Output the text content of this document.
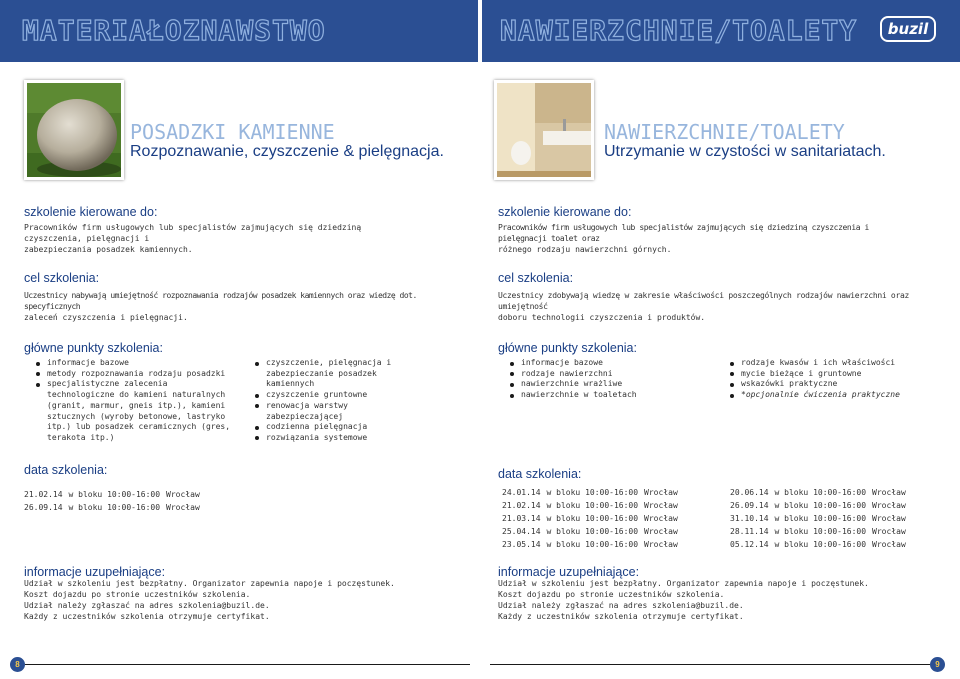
MATERIAŁOZNAWSTWO	NAWIERZCHNIE/TOALETY	buzil
POSADZKI KAMIENNE
Rozpoznawanie, czyszczenie & pielęgnacja.
szkolenie kierowane do:

Pracowników firm usługowych lub specjalistów zajmujących się dziedziną czyszczenia, pielęgnacji i

zabezpieczania posadzek kamiennych.

cel szkolenia:

Uczestnicy nabywają umiejętność rozpoznawania rodzajów posadzek kamiennych oraz wiedzę dot. specyficznych

zaleceń czyszczenia i pielęgnacji.

główne punkty szkolenia:
informacje bazowe
metody rozpoznawania rodzaju posadzki
specjalistyczne zalecenia technologiczne do kamieni naturalnych (granit, marmur, gneis itp.), kamieni sztucznych (wyroby betonowe, lastryko itp.) lub posadzek ceramicznych (gres, terakota itp.)
czyszczenie, pielęgnacja i zabezpieczanie posadzek kamiennych
czyszczenie gruntowne
renowacja warstwy zabezpieczającej
codzienna pielęgnacja
rozwiązania systemowe
data szkolenia:
21.02.14	w bloku 10:00-16:00	Wrocław
26.09.14	w bloku 10:00-16:00	Wrocław
informacje uzupełniające:

Udział w szkoleniu jest bezpłatny. Organizator zapewnia napoje i poczęstunek.

Koszt dojazdu po stronie uczestników szkolenia.

Udział należy zgłaszać na adres szkolenia@buzil.de.

Każdy z uczestników szkolenia otrzymuje certyfikat.

8
NAWIERZCHNIE/TOALETY
Utrzymanie w czystości w sanitariatach.
szkolenie kierowane do:

Pracowników firm usługowych lub specjalistów zajmujących się dziedziną czyszczenia i pielęgnacji toalet oraz

różnego rodzaju nawierzchni górnych.

cel szkolenia:

Uczestnicy zdobywają wiedzę w zakresie właściwości poszczególnych rodzajów nawierzchni oraz umiejętność

doboru technologii czyszczenia i produktów.

główne punkty szkolenia:
informacje bazowe
rodzaje nawierzchni
nawierzchnie wrażliwe
nawierzchnie w toaletach
rodzaje kwasów i ich właściwości
mycie bieżące i gruntowne
wskazówki praktyczne
*opcjonalnie ćwiczenia praktyczne
data szkolenia:
24.01.14	w bloku 10:00-16:00	Wrocław
21.02.14	w bloku 10:00-16:00	Wrocław
21.03.14	w bloku 10:00-16:00	Wrocław
25.04.14	w bloku 10:00-16:00	Wrocław
23.05.14	w bloku 10:00-16:00	Wrocław
20.06.14	w bloku 10:00-16:00	Wrocław
26.09.14	w bloku 10:00-16:00	Wrocław
31.10.14	w bloku 10:00-16:00	Wrocław
28.11.14	w bloku 10:00-16:00	Wrocław
05.12.14	w bloku 10:00-16:00	Wrocław
informacje uzupełniające:

Udział w szkoleniu jest bezpłatny. Organizator zapewnia napoje i poczęstunek.

Koszt dojazdu po stronie uczestników szkolenia.

Udział należy zgłaszać na adres szkolenia@buzil.de.

Każdy z uczestników szkolenia otrzymuje certyfikat.

9
